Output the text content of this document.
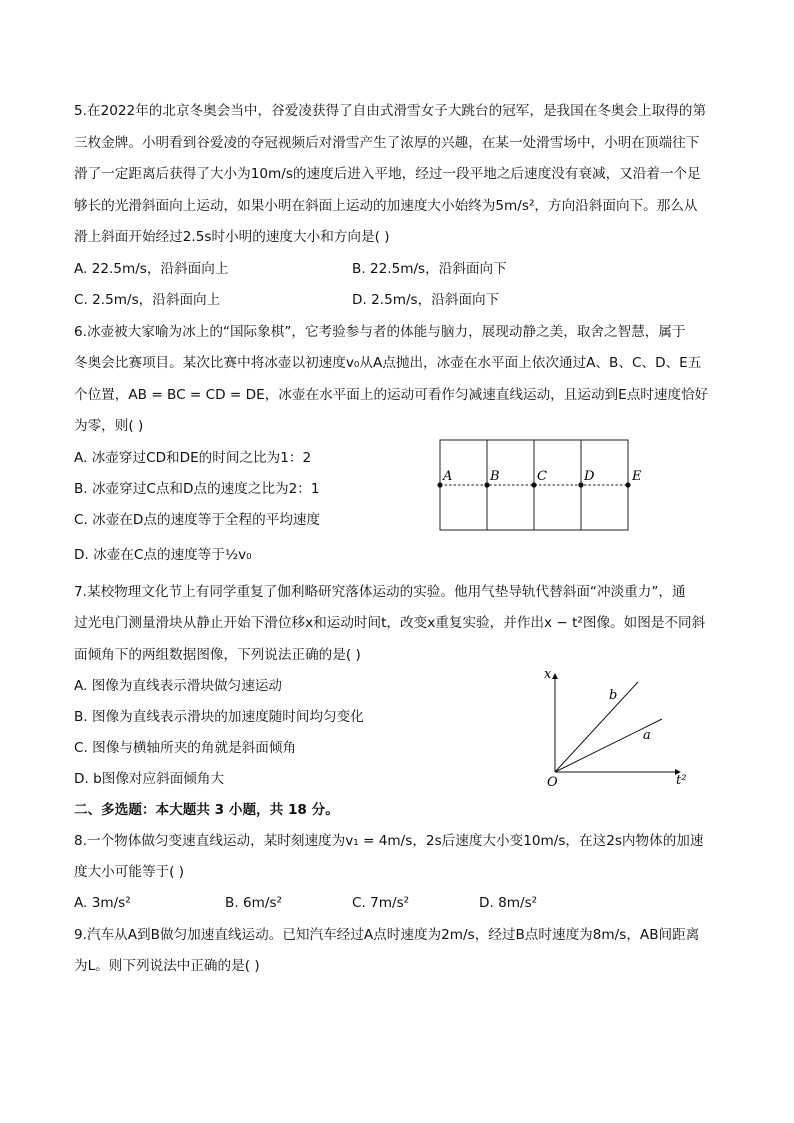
5.在2022年的北京冬奥会当中，谷爱凌获得了自由式滑雪女子大跳台的冠军，是我国在冬奥会上取得的第
三枚金牌。小明看到谷爱凌的夺冠视频后对滑雪产生了浓厚的兴趣，在某一处滑雪场中，小明在顶端往下
滑了一定距离后获得了大小为10m/s的速度后进入平地，经过一段平地之后速度没有衰减，又沿着一个足
够长的光滑斜面向上运动，如果小明在斜面上运动的加速度大小始终为5m/s²，方向沿斜面向下。那么从
滑上斜面开始经过2.5s时小明的速度大小和方向是( )
A. 22.5m/s，沿斜面向上	B. 22.5m/s，沿斜面向下
C. 2.5m/s，沿斜面向上	D. 2.5m/s，沿斜面向下
6.冰壶被大家喻为冰上的“国际象棋”，它考验参与者的体能与脑力，展现动静之美，取舍之智慧，属于
冬奥会比赛项目。某次比赛中将冰壶以初速度v₀从A点抛出，冰壶在水平面上依次通过A、B、C、D、E五
个位置，AB = BC = CD = DE，冰壶在水平面上的运动可看作匀减速直线运动，且运动到E点时速度恰好
为零，则( )
A. 冰壶穿过CD和DE的时间之比为1：2
B. 冰壶穿过C点和D点的速度之比为2：1
C. 冰壶在D点的速度等于全程的平均速度
D. 冰壶在C点的速度等于½v₀
A	B	C	D	E
7.某校物理文化节上有同学重复了伽利略研究落体运动的实验。他用气垫导轨代替斜面“冲淡重力”，通
过光电门测量滑块从静止开始下滑位移x和运动时间t，改变x重复实验，并作出x − t²图像。如图是不同斜
面倾角下的两组数据图像，下列说法正确的是( )
A. 图像为直线表示滑块做匀速运动
B. 图像为直线表示滑块的加速度随时间均匀变化
C. 图像与横轴所夹的角就是斜面倾角
D. b图像对应斜面倾角大
x
t²
O
b
a
二、多选题：本大题共 3 小题，共 18 分。
8.一个物体做匀变速直线运动，某时刻速度为v₁ = 4m/s，2s后速度大小变10m/s，在这2s内物体的加速
度大小可能等于( )
A. 3m/s²	B. 6m/s²	C. 7m/s²	D. 8m/s²
9.汽车从A到B做匀加速直线运动。已知汽车经过A点时速度为2m/s，经过B点时速度为8m/s，AB间距离
为L。则下列说法中正确的是( )
